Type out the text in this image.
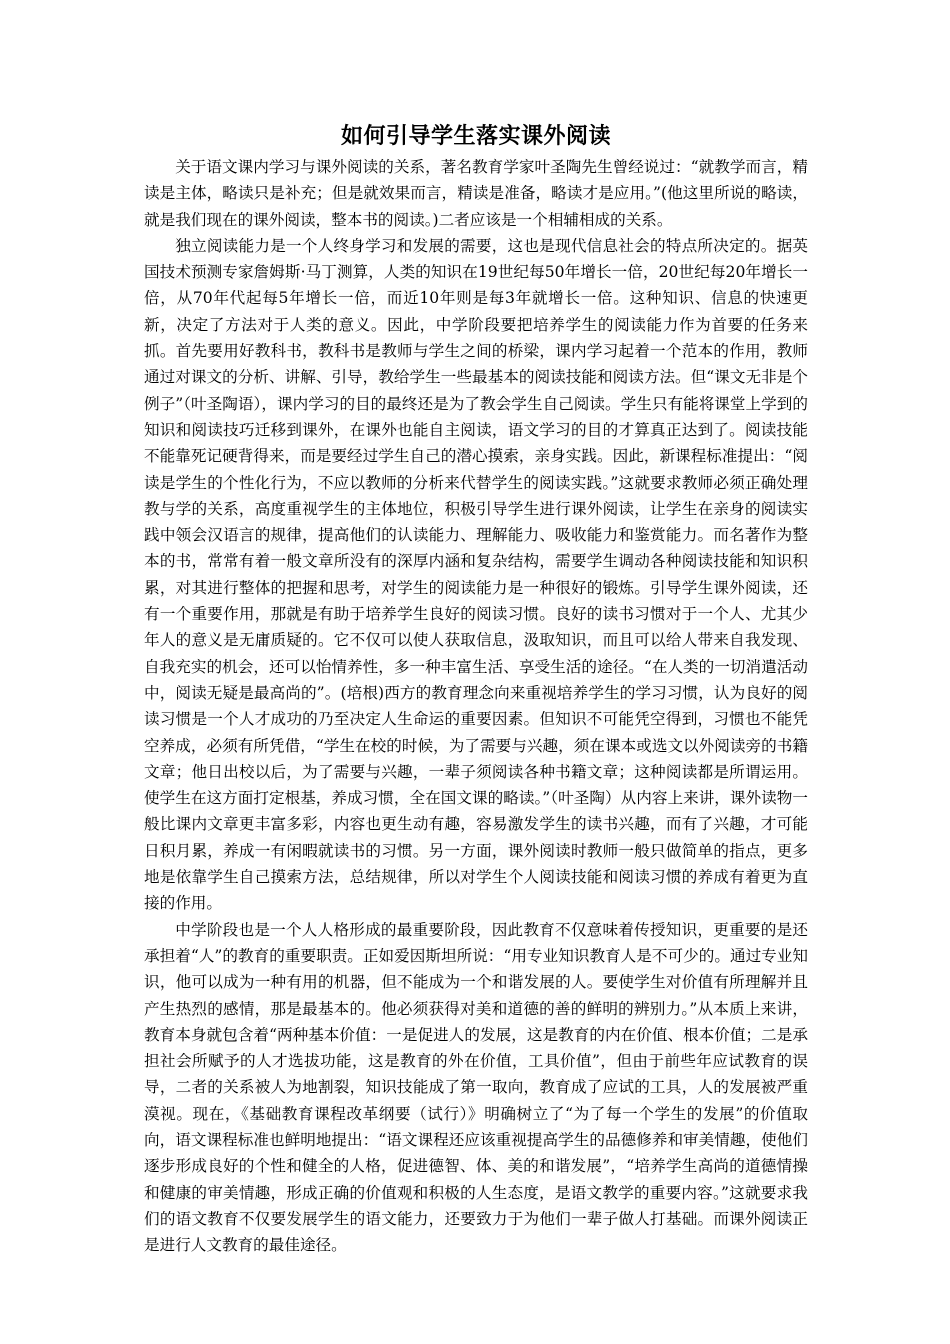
如何引导学生落实课外阅读

关于语文课内学习与课外阅读的关系，著名教育学家叶圣陶先生曾经说过：“就教学而言，精读是主体，略读只是补充；但是就效果而言，精读是准备，略读才是应用。”(他这里所说的略读，就是我们现在的课外阅读，整本书的阅读。)二者应该是一个相辅相成的关系。

独立阅读能力是一个人终身学习和发展的需要，这也是现代信息社会的特点所决定的。据英国技术预测专家詹姆斯·马丁测算，人类的知识在19世纪每50年增长一倍，20世纪每20年增长一倍，从70年代起每5年增长一倍，而近10年则是每3年就增长一倍。这种知识、信息的快速更新，决定了方法对于人类的意义。因此，中学阶段要把培养学生的阅读能力作为首要的任务来抓。首先要用好教科书，教科书是教师与学生之间的桥梁，课内学习起着一个范本的作用，教师通过对课文的分析、讲解、引导，教给学生一些最基本的阅读技能和阅读方法。但“课文无非是个例子”（叶圣陶语），课内学习的目的最终还是为了教会学生自己阅读。学生只有能将课堂上学到的知识和阅读技巧迁移到课外，在课外也能自主阅读，语文学习的目的才算真正达到了。阅读技能不能靠死记硬背得来，而是要经过学生自己的潜心摸索，亲身实践。因此，新课程标准提出：“阅读是学生的个性化行为，不应以教师的分析来代替学生的阅读实践。”这就要求教师必须正确处理教与学的关系，高度重视学生的主体地位，积极引导学生进行课外阅读，让学生在亲身的阅读实践中领会汉语言的规律，提高他们的认读能力、理解能力、吸收能力和鉴赏能力。而名著作为整本的书，常常有着一般文章所没有的深厚内涵和复杂结构，需要学生调动各种阅读技能和知识积累，对其进行整体的把握和思考，对学生的阅读能力是一种很好的锻炼。引导学生课外阅读，还有一个重要作用，那就是有助于培养学生良好的阅读习惯。良好的读书习惯对于一个人、尤其少年人的意义是无庸质疑的。它不仅可以使人获取信息，汲取知识，而且可以给人带来自我发现、自我充实的机会，还可以怡情养性，多一种丰富生活、享受生活的途径。“在人类的一切消遣活动中，阅读无疑是最高尚的”。(培根)西方的教育理念向来重视培养学生的学习习惯，认为良好的阅读习惯是一个人才成功的乃至决定人生命运的重要因素。但知识不可能凭空得到，习惯也不能凭空养成，必须有所凭借，“学生在校的时候，为了需要与兴趣，须在课本或选文以外阅读旁的书籍文章；他日出校以后，为了需要与兴趣，一辈子须阅读各种书籍文章；这种阅读都是所谓运用。使学生在这方面打定根基，养成习惯，全在国文课的略读。”（叶圣陶）从内容上来讲，课外读物一般比课内文章更丰富多彩，内容也更生动有趣，容易激发学生的读书兴趣，而有了兴趣，才可能日积月累，养成一有闲暇就读书的习惯。另一方面，课外阅读时教师一般只做简单的指点，更多地是依靠学生自己摸索方法，总结规律，所以对学生个人阅读技能和阅读习惯的养成有着更为直接的作用。

中学阶段也是一个人人格形成的最重要阶段，因此教育不仅意味着传授知识，更重要的是还承担着“人”的教育的重要职责。正如爱因斯坦所说：“用专业知识教育人是不可少的。通过专业知识，他可以成为一种有用的机器，但不能成为一个和谐发展的人。要使学生对价值有所理解并且产生热烈的感情，那是最基本的。他必须获得对美和道德的善的鲜明的辨别力。”从本质上来讲，教育本身就包含着“两种基本价值：一是促进人的发展，这是教育的内在价值、根本价值；二是承担社会所赋予的人才选拔功能，这是教育的外在价值，工具价值”，但由于前些年应试教育的误导，二者的关系被人为地割裂，知识技能成了第一取向，教育成了应试的工具，人的发展被严重漠视。现在，《基础教育课程改革纲要（试行）》明确树立了“为了每一个学生的发展”的价值取向，语文课程标准也鲜明地提出：“语文课程还应该重视提高学生的品德修养和审美情趣，使他们逐步形成良好的个性和健全的人格，促进德智、体、美的和谐发展”，“培养学生高尚的道德情操和健康的审美情趣，形成正确的价值观和积极的人生态度，是语文教学的重要内容。”这就要求我们的语文教育不仅要发展学生的语文能力，还要致力于为他们一辈子做人打基础。而课外阅读正是进行人文教育的最佳途径。
